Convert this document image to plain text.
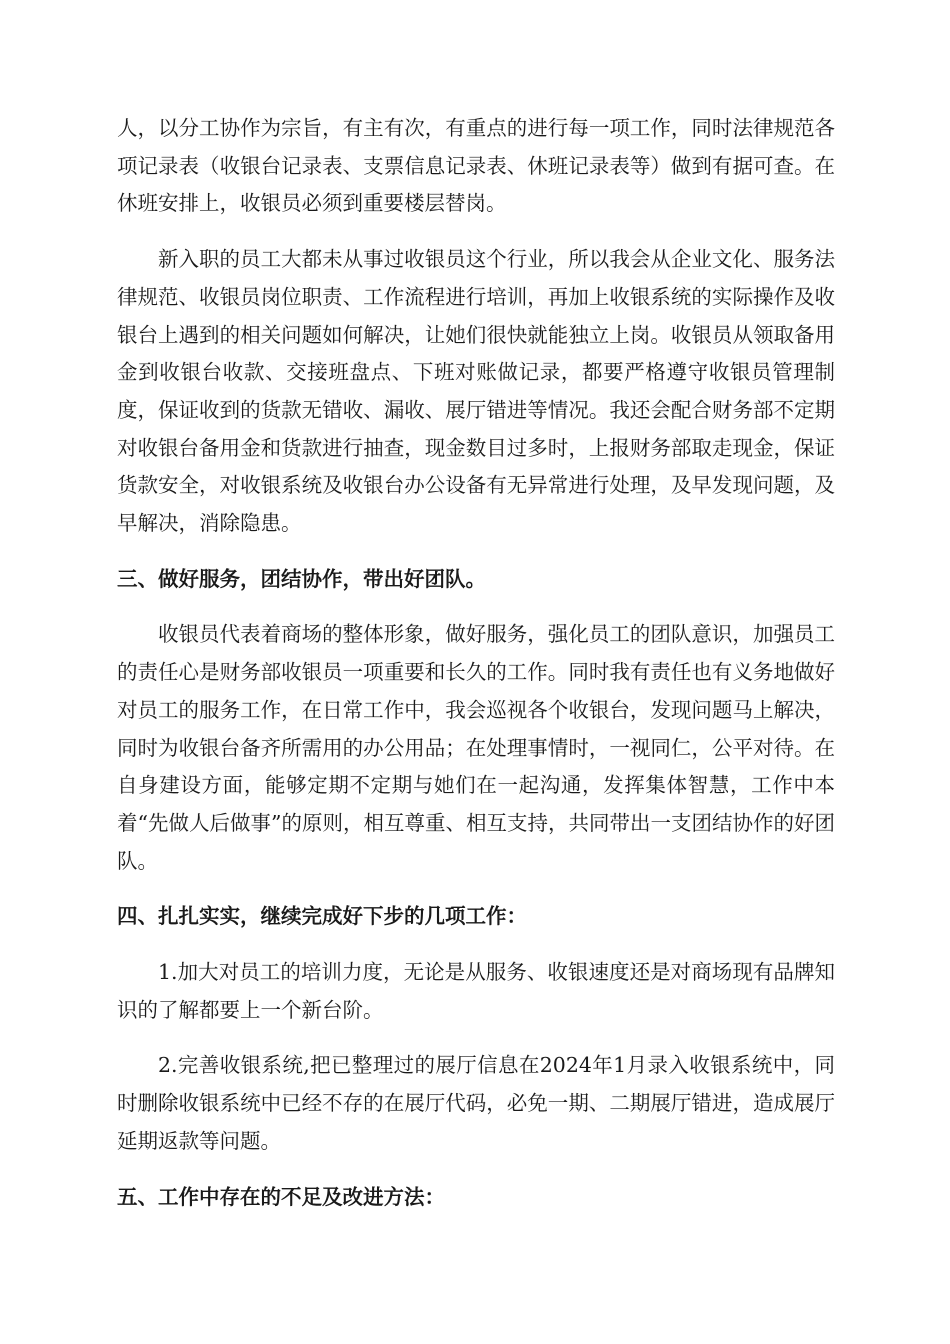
人，以分工协作为宗旨，有主有次，有重点的进行每一项工作，同时法律规范各项记录表（收银台记录表、支票信息记录表、休班记录表等）做到有据可查。在休班安排上，收银员必须到重要楼层替岗。

新入职的员工大都未从事过收银员这个行业，所以我会从企业文化、服务法律规范、收银员岗位职责、工作流程进行培训，再加上收银系统的实际操作及收银台上遇到的相关问题如何解决，让她们很快就能独立上岗。收银员从领取备用金到收银台收款、交接班盘点、下班对账做记录，都要严格遵守收银员管理制度，保证收到的货款无错收、漏收、展厅错进等情况。我还会配合财务部不定期对收银台备用金和货款进行抽查，现金数目过多时，上报财务部取走现金，保证货款安全，对收银系统及收银台办公设备有无异常进行处理，及早发现问题，及早解决，消除隐患。

三、做好服务，团结协作，带出好团队。

收银员代表着商场的整体形象，做好服务，强化员工的团队意识，加强员工的责任心是财务部收银员一项重要和长久的工作。同时我有责任也有义务地做好对员工的服务工作，在日常工作中，我会巡视各个收银台，发现问题马上解决，同时为收银台备齐所需用的办公用品；在处理事情时，一视同仁，公平对待。在自身建设方面，能够定期不定期与她们在一起沟通，发挥集体智慧，工作中本着“先做人后做事”的原则，相互尊重、相互支持，共同带出一支团结协作的好团队。

四、扎扎实实，继续完成好下步的几项工作：

1.加大对员工的培训力度，无论是从服务、收银速度还是对商场现有品牌知识的了解都要上一个新台阶。

2.完善收银系统,把已整理过的展厅信息在2024年1月录入收银系统中，同时删除收银系统中已经不存的在展厅代码，必免一期、二期展厅错进，造成展厅延期返款等问题。

五、工作中存在的不足及改进方法：
